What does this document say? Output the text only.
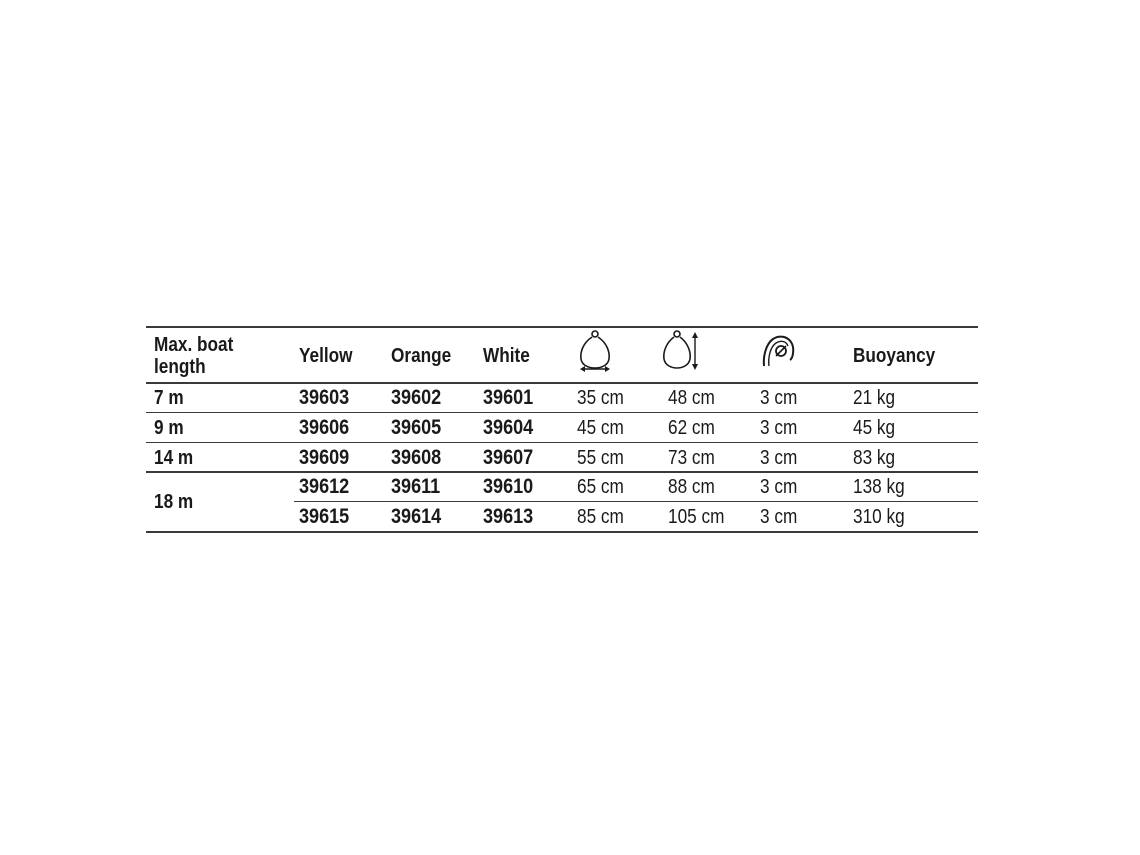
Max. boat
length	Yellow Orange White	Buoyancy
7 m	39603 39602 39601 35 cm 48 cm 3 cm	21 kg
9 m	39606 39605 39604 45 cm 62 cm 3 cm	45 kg
14 m	39609 39608 39607 55 cm 73 cm 3 cm	83 kg
18 m
39612 39611 39610 65 cm 88 cm 3 cm	138 kg
39615 39614 39613 85 cm 105 cm 3 cm	310 kg
